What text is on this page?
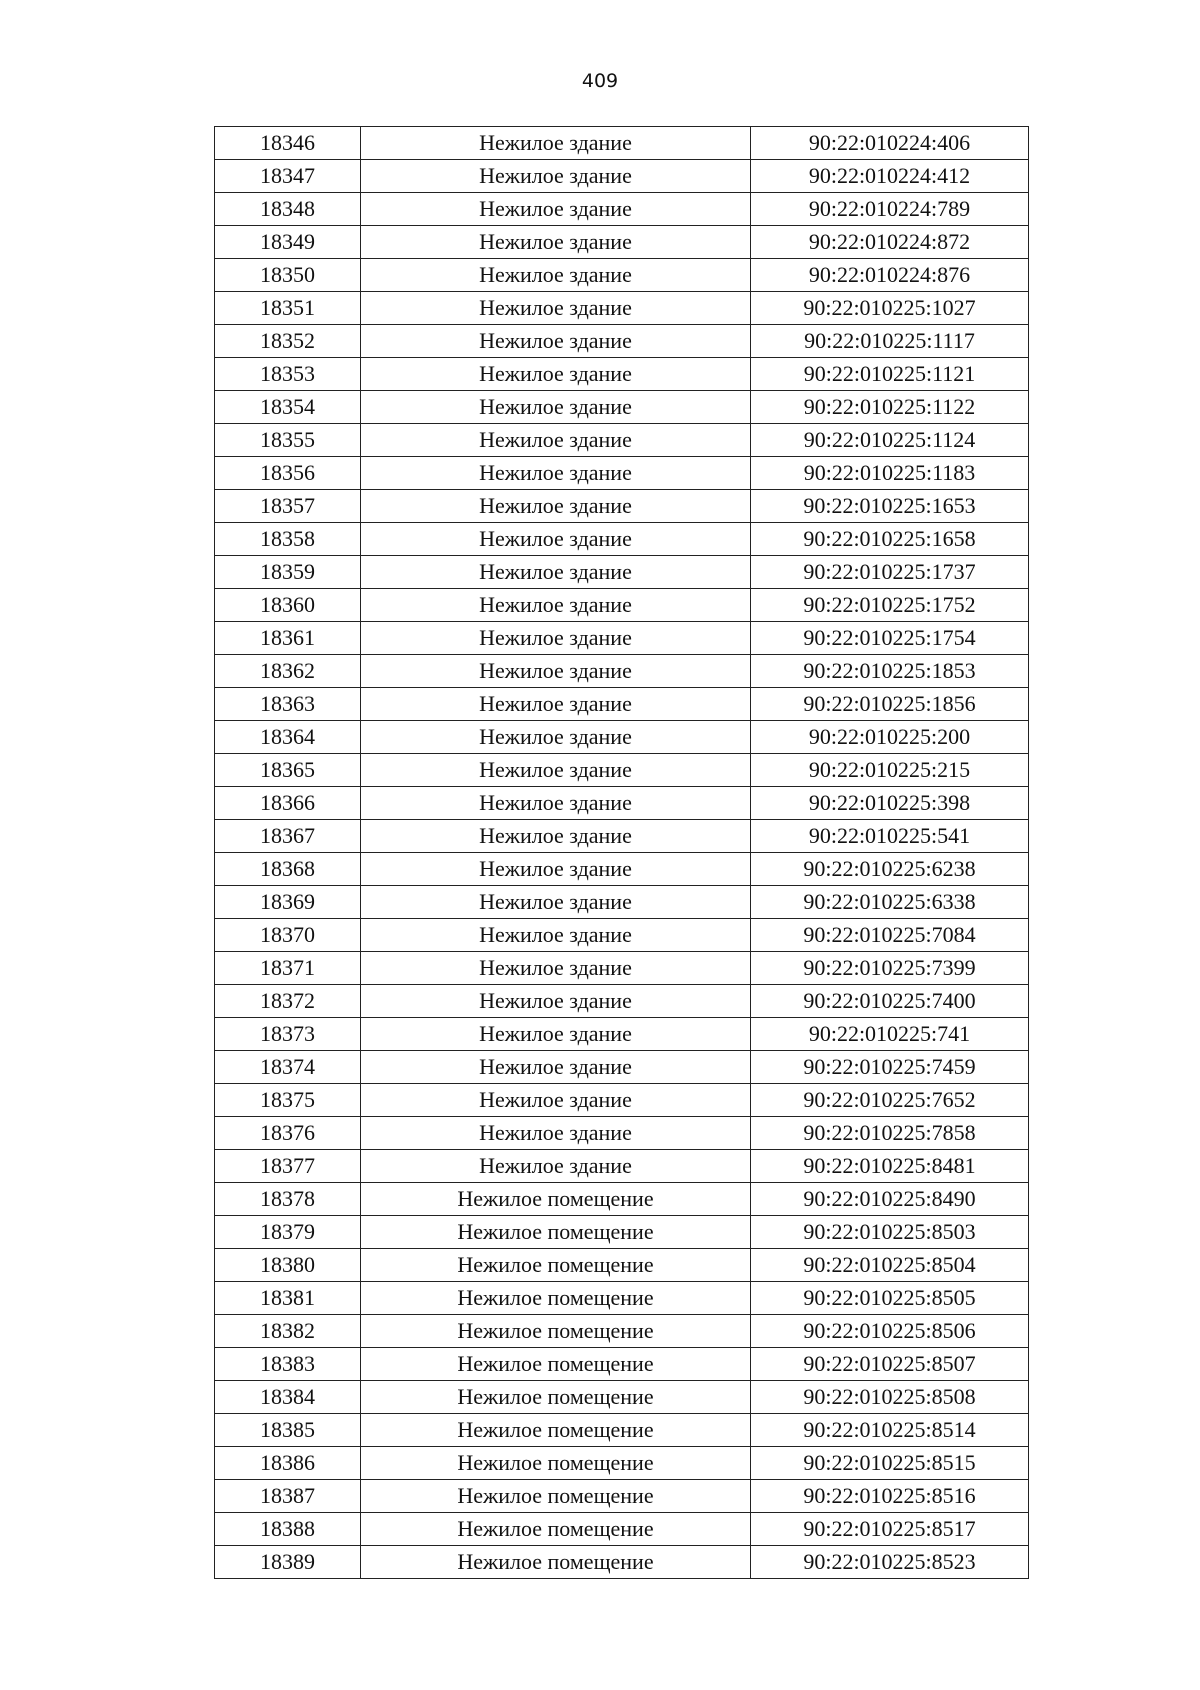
409
18346	Нежилое здание	90:22:010224:406
18347	Нежилое здание	90:22:010224:412
18348	Нежилое здание	90:22:010224:789
18349	Нежилое здание	90:22:010224:872
18350	Нежилое здание	90:22:010224:876
18351	Нежилое здание	90:22:010225:1027
18352	Нежилое здание	90:22:010225:1117
18353	Нежилое здание	90:22:010225:1121
18354	Нежилое здание	90:22:010225:1122
18355	Нежилое здание	90:22:010225:1124
18356	Нежилое здание	90:22:010225:1183
18357	Нежилое здание	90:22:010225:1653
18358	Нежилое здание	90:22:010225:1658
18359	Нежилое здание	90:22:010225:1737
18360	Нежилое здание	90:22:010225:1752
18361	Нежилое здание	90:22:010225:1754
18362	Нежилое здание	90:22:010225:1853
18363	Нежилое здание	90:22:010225:1856
18364	Нежилое здание	90:22:010225:200
18365	Нежилое здание	90:22:010225:215
18366	Нежилое здание	90:22:010225:398
18367	Нежилое здание	90:22:010225:541
18368	Нежилое здание	90:22:010225:6238
18369	Нежилое здание	90:22:010225:6338
18370	Нежилое здание	90:22:010225:7084
18371	Нежилое здание	90:22:010225:7399
18372	Нежилое здание	90:22:010225:7400
18373	Нежилое здание	90:22:010225:741
18374	Нежилое здание	90:22:010225:7459
18375	Нежилое здание	90:22:010225:7652
18376	Нежилое здание	90:22:010225:7858
18377	Нежилое здание	90:22:010225:8481
18378	Нежилое помещение	90:22:010225:8490
18379	Нежилое помещение	90:22:010225:8503
18380	Нежилое помещение	90:22:010225:8504
18381	Нежилое помещение	90:22:010225:8505
18382	Нежилое помещение	90:22:010225:8506
18383	Нежилое помещение	90:22:010225:8507
18384	Нежилое помещение	90:22:010225:8508
18385	Нежилое помещение	90:22:010225:8514
18386	Нежилое помещение	90:22:010225:8515
18387	Нежилое помещение	90:22:010225:8516
18388	Нежилое помещение	90:22:010225:8517
18389	Нежилое помещение	90:22:010225:8523
